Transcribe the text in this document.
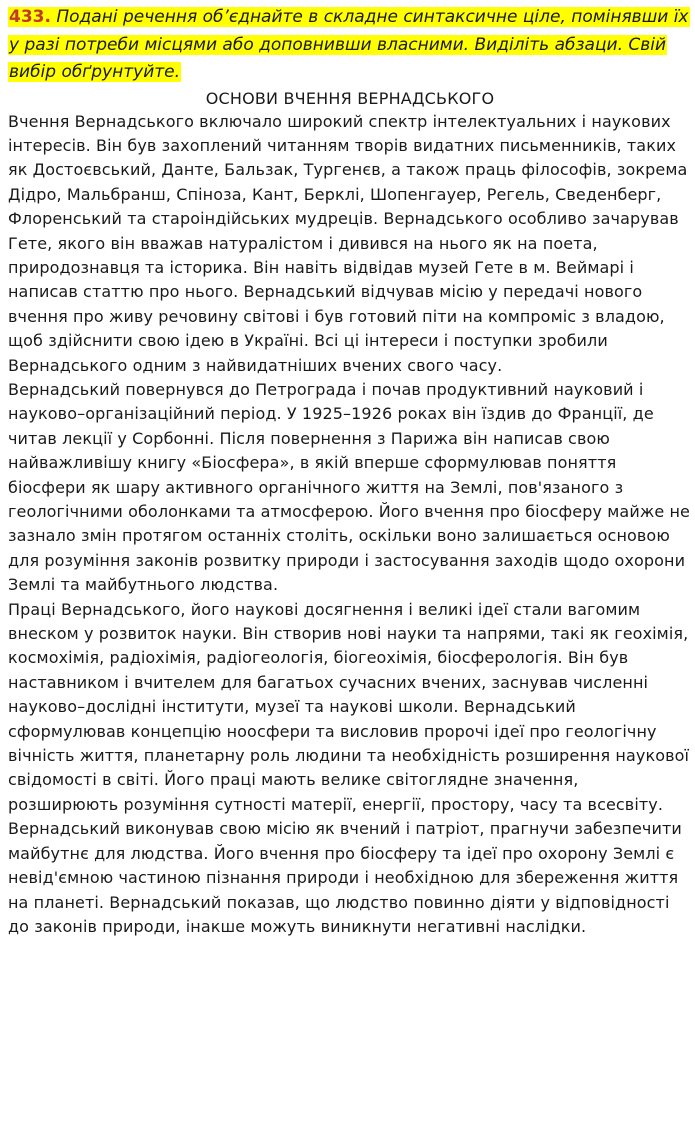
433. Подані речення об’єднайте в складне синтаксичне ціле, помінявши їх у разі потреби місцями або доповнивши власними. Виділіть абзаци. Свій вибір обґрунтуйте.

ОСНОВИ ВЧЕННЯ ВЕРНАДСЬКОГО

Вчення Вернадського включало широкий спектр інтелектуальних і наукових інтересів. Він був захоплений читанням творів видатних письменників, таких як Достоєвський, Данте, Бальзак, Тургенєв, а також праць філософів, зокрема Дідро, Мальбранш, Спіноза, Кант, Берклі, Шопенгауер, Регель, Сведенберг, Флоренський та староіндійських мудреців. Вернадського особливо зачарував Гете, якого він вважав натуралістом і дивився на нього як на поета, природознавця та історика. Він навіть відвідав музей Гете в м. Веймарі і написав статтю про нього. Вернадський відчував місію у передачі нового вчення про живу речовину світові і був готовий піти на компроміс з владою, щоб здійснити свою ідею в Україні. Всі ці інтереси і поступки зробили Вернадського одним з найвидатніших вчених свого часу.

Вернадський повернувся до Петрограда і почав продуктивний науковий і науково–організаційний період. У 1925–1926 роках він їздив до Франції, де читав лекції у Сорбонні. Після повернення з Парижа він написав свою найважливішу книгу «Біосфера», в якій вперше сформулював поняття біосфери як шару активного органічного життя на Землі, пов'язаного з геологічними оболонками та атмосферою. Його вчення про біосферу майже не зазнало змін протягом останніх століть, оскільки воно залишається основою для розуміння законів розвитку природи і застосування заходів щодо охорони Землі та майбутнього людства.

Праці Вернадського, його наукові досягнення і великі ідеї стали вагомим внеском у розвиток науки. Він створив нові науки та напрями, такі як геохімія, космохімія, радіохімія, радіогеологія, біогеохімія, біосферологія. Він був наставником і вчителем для багатьох сучасних вчених, заснував численні науково–дослідні інститути, музеї та наукові школи. Вернадський сформулював концепцію ноосфери та висловив пророчі ідеї про геологічну вічність життя, планетарну роль людини та необхідність розширення наукової свідомості в світі. Його праці мають велике світоглядне значення, розширюють розуміння сутності матерії, енергії, простору, часу та всесвіту.

Вернадський виконував свою місію як вчений і патріот, прагнучи забезпечити майбутнє для людства. Його вчення про біосферу та ідеї про охорону Землі є невід'ємною частиною пізнання природи і необхідною для збереження життя на планеті. Вернадський показав, що людство повинно діяти у відповідності до законів природи, інакше можуть виникнути негативні наслідки.
